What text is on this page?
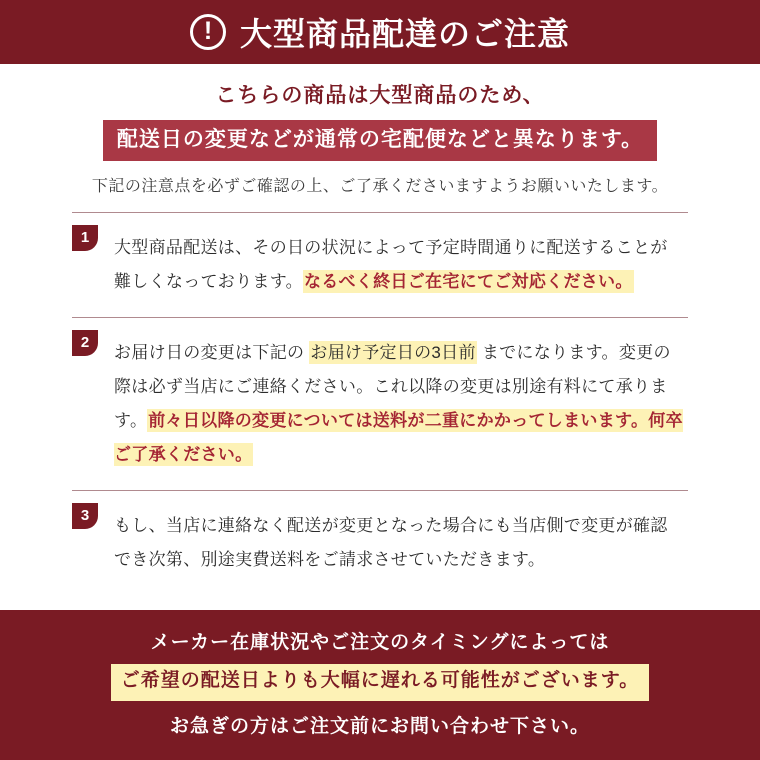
! 大型商品配達のご注意
こちらの商品は大型商品のため、
配送日の変更などが通常の宅配便などと異なります。
下記の注意点を必ずご確認の上、ご了承くださいますようお願いいたします。
1	大型商品配送は、その日の状況によって予定時間通りに配送することが難しくなっております。なるべく終日ご在宅にてご対応ください。
2	お届け日の変更は下記の お届け予定日の3日前 までになります。変更の際は必ず当店にご連絡ください。これ以降の変更は別途有料にて承ります。前々日以降の変更については送料が二重にかかってしまいます。何卒ご了承ください。
3	もし、当店に連絡なく配送が変更となった場合にも当店側で変更が確認でき次第、別途実費送料をご請求させていただきます。
メーカー在庫状況やご注文のタイミングによっては
ご希望の配送日よりも大幅に遅れる可能性がございます。
お急ぎの方はご注文前にお問い合わせ下さい。
